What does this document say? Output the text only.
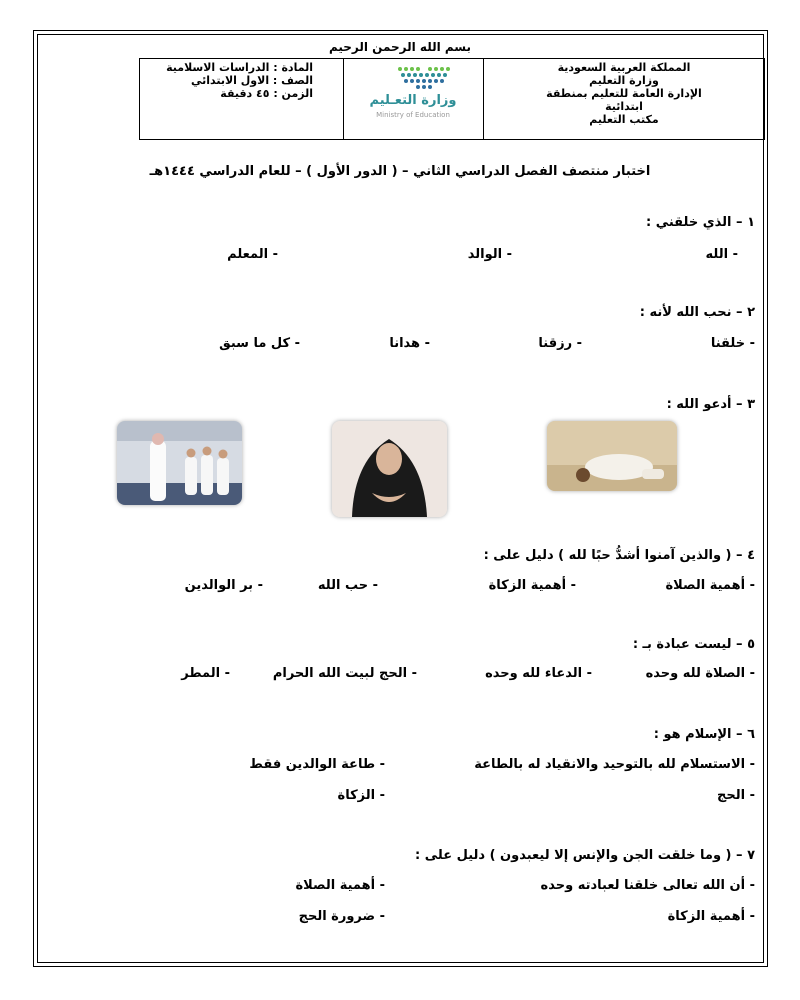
بسم الله الرحمن الرحيم
المملكة العربية السعودية
وزارة التعليم
الإدارة العامة للتعليم بمنطقة
ابتدائية
مكتب التعليم
وزارة التعـليم
Ministry of Education
المادة : الدراسات الاسلامية
الصف : الاول الابتدائي
الزمن : ٤٥ دقيقة
اختبار منتصف الفصل الدراسي الثاني – ( الدور الأول ) – للعام الدراسي ١٤٤٤هـ
١ – الذي خلقني :
- الله
- الوالد
- المعلم
٢ – نحب الله لأنه :
- خلقنا
- رزقنا
- هدانا
- كل ما سبق
٣ – أدعو الله :
٤ – ( والذين آمنوا أشدُّ حبًا لله ) دليل على :
- أهمية الصلاة
- أهمية الزكاة
- حب الله
- بر الوالدين
٥ – ليست عبادة بـ :
- الصلاة لله وحده
- الدعاء لله وحده
- الحج لبيت الله الحرام
- المطر
٦ – الإسلام هو :
- الاستسلام لله بالتوحيد والانقياد له بالطاعة
- طاعة الوالدين فقط
- الحج
- الزكاة
٧ – ( وما خلقت الجن والإنس إلا ليعبدون ) دليل على :
- أن الله تعالى خلقنا لعبادته وحده
- أهمية الصلاة
- أهمية الزكاة
- ضرورة الحج
